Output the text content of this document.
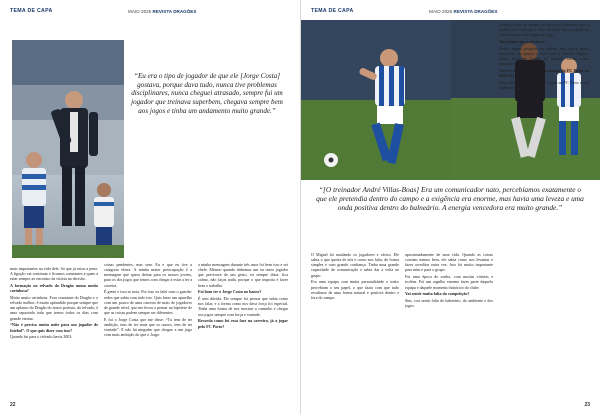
TEMA DE CAPA	MAIO 2025 REVISTA DRAGÕES
“Eu era o tipo de jogador de que ele [Jorge Costa] gostava, porque dava tudo, nunca tive problemas disciplinares, nunca cheguei atrasado, sempre fui um jogador que treinava superbem, chegava sempre bem aos jogos e tinha um andamento muito grande.”

mais importantes na vida dele. Só que já estou a pena. A ligação vai continuar e ficamos constantes a quais a estar sempre ao encontro da vitória na decisão.

A formação no relvado do Dragão numa muito carinhosa?

Muito muito carinhosa. Fora constante do Dragão e o relvado melhor, é muito aplaudido porque sempre que um aplauso do Dragão do nosso portista, do relvado, é uma rapaziada toda que temos todos os dias com grande estima.

“Não é preciso muita noite para um jogador de futebol”. O que quis dizer com isso?

Quando fui para o relvado havia 2003.

coisas pendentes, mas sem. Eu e que eu tive a categoria eletra. A minha maior preocupação é a mensagem que quero deixar para os nossos jovens, para os dos jogos que temos com chegar a estar a ter a carreira.

É gente e isso se nota. Por isso eu falei com o guarda-redes que sabia com tudo isto. Quis fazer um aparelho com um pouco de uma carreira de mais de jogadores de grande nível, que me levou a pensar na hipótese de que as coisas podem sempre ser diferentes.

E fui o Jorge Costa que me disse: “Tu tens de ter ambição, tens de ter mais que os outros, tens de ter vontade”. E não há ninguém que chegue a um jogo com mais ambição do que o Jorge.

a minha mensagem durante três anos foi bem isso e sei chefe. Mesmo quando tínhamos um ou outro jogador que precisava de um gesto, eu sempre dizia: fica calmo, não faças nada, porque o que importa é fazer bem o trabalho.

Foi bom ter o Jorge Costa no banco?

É sem dúvida. Ele sempre foi pessoa que sabia como nos falar, e a forma como nos dava força foi especial. Tinha uma forma de nos mostrar o caminho e chegar aos jogos sempre com força e vontade.

Recorda como foi essa fase na carreira, já a jogar pelo FC Porto?

22
TEMA DE CAPA	MAIO 2025 REVISTA DRAGÕES
“[O treinador André Villas-Boas] Era um comunicador nato, percebíamos exatamente o que ele pretendia dentro do campo e a exigência era enorme, mas havia uma leveza e uma onda positiva dentro do balneário. A energia vencedora era muito grande.”

O Miguel foi mudando os jogadores e vários. Ele sabia o que queria de nós e como nos falar, de forma simples e com grande confiança. Tinha uma grande capacidade de comunicação e sabia dar a volta ao grupo.

Era uma equipa com muita personalidade e todos percebiam o seu papel, o que fazia com que tudo resultasse de uma forma natural e positiva dentro e fora do campo.

aproximadamente de uma vida. Quando as coisas corriam menos bem, ele sabia como nos levantar e fazer acreditar outra vez. Isso foi muito importante para mim e para o grupo.

Foi uma época de sonho, com muitas vitórias e troféus. Foi um orgulho enorme fazer parte daquela equipa e daquele momento histórico do clube.

Vai sentir muita falta da competição?

Sim, vou sentir falta do balneário, do ambiente e dos jogos.

A minha vida em campo vai agora ser diferente, mas o futebol vai continuar a estar presente. Quero ajudar de outra forma e estar ligado ao jogo.

Tem planos para o futuro?

Tenho alguns projetos em mente, mas agora quero descansar um pouco e estar com a família. Depois, quero continuar ligado ao futebol, talvez como treinador.

Vai ver o Carlos à tua casa equipa do FC Porto na 2025/26?

Sim, claro. Vou estar sempre ligado ao FC Porto e vou continuar a apoiar a equipa.

23
